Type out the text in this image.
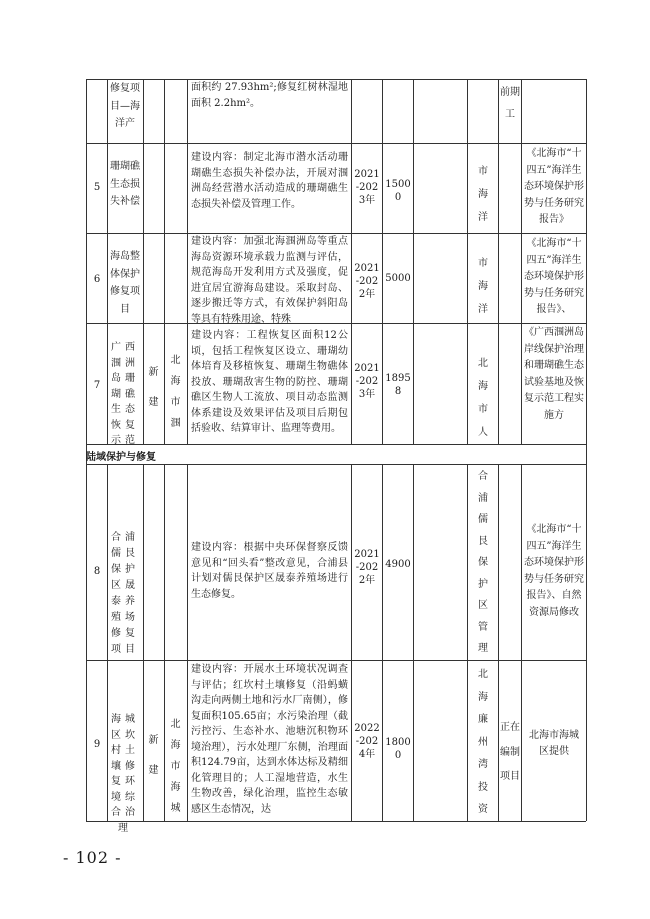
修复项目—海洋产
面积约 27.93hm²;修复红树林湿地面积 2.2hm²。
前期工
5
珊瑚礁生态损失补偿
建设内容：制定北海市潜水活动珊瑚礁生态损失补偿办法，开展对涠洲岛经营潜水活动造成的珊瑚礁生态损失补偿及管理工作。
2021-2023年
15000
市海洋
《北海市“十四五”海洋生态环境保护形势与任务研究报告》
6
海岛整体保护修复项目
建设内容：加强北海涠洲岛等重点海岛资源环境承载力监测与评估，规范海岛开发利用方式及强度，促进宜居宜游海岛建设。采取封岛、逐步搬迁等方式，有效保护斜阳岛等具有特殊用途、特殊
2021-2022年
5000
市海洋
《北海市“十四五”海洋生态环境保护形势与任务研究报告》、
7
广西涠洲岛珊瑚礁生态恢复示范
新建
北海市涠
建设内容：工程恢复区面积12公顷，包括工程恢复区设立、珊瑚幼体培育及移植恢复、珊瑚生物礁体投放、珊瑚敌害生物的防控、珊瑚礁区生物人工流放、项目动态监测体系建设及效果评估及项目后期包括验收、结算审计、监理等费用。
2021-2023年
18958
北海市人
《广西涠洲岛岸线保护治理和珊瑚礁生态试验基地及恢复示范工程实施方
陆域保护与修复
8
合浦儒艮保护区晟泰养殖场修复项目
建设内容：根据中央环保督察反馈意见和“回头看”整改意见，合浦县计划对儒艮保护区晟泰养殖场进行生态修复。
2021-2022年
4900
合浦儒艮保护区管理
《北海市“十四五”海洋生态环境保护形势与任务研究报告》、自然资源局修改
9
海城区坎村土壤修复环境综合治理
新建
北海市海城
建设内容：开展水土环境状况调查与评估；红坎村土壤修复（沿蚂蟥沟走向两侧土地和污水厂南侧），修复面积105.65亩；水污染治理（截污控污、生态补水、池塘沉积物环境治理），污水处理厂东侧，治理面积124.79亩，达到水体达标及精细化管理目的；人工湿地营造，水生生物改善，绿化治理，监控生态敏感区生态情况，达
2022-2024年
18000
北海廉州湾投资
正在编制项目
北海市海城区提供
- 102 -
